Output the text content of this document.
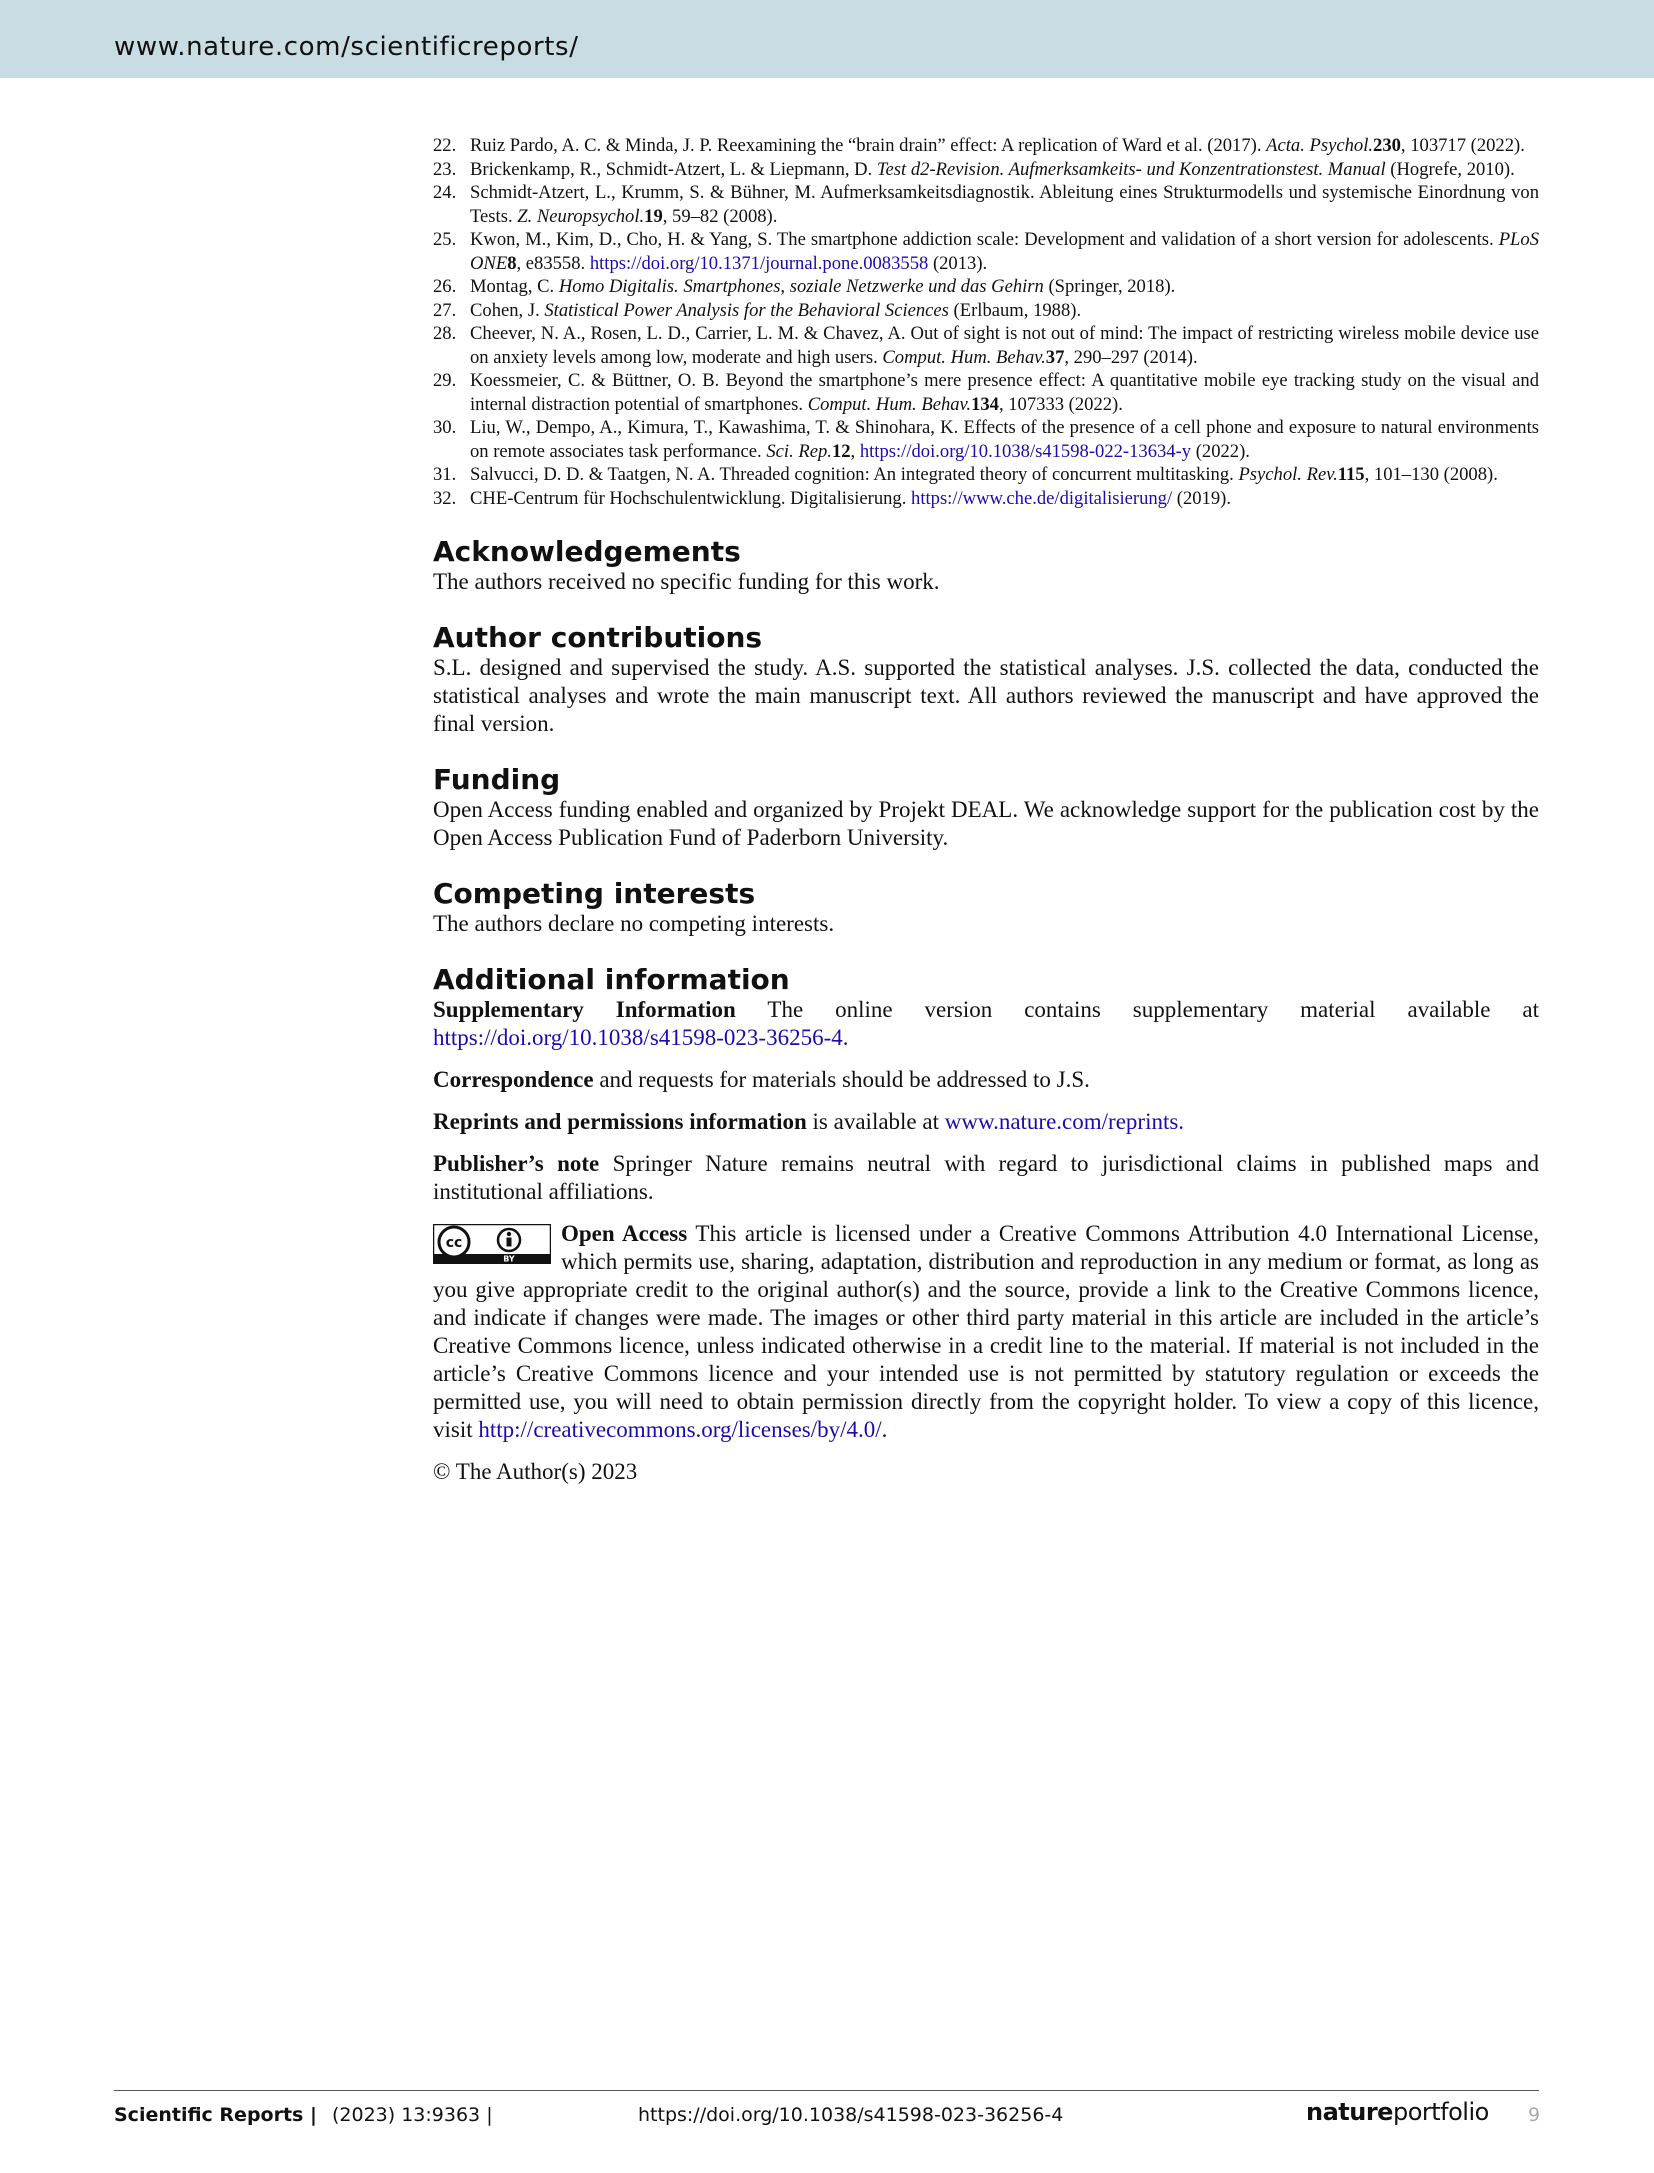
www.nature.com/scientificreports/
22. Ruiz Pardo, A. C. & Minda, J. P. Reexamining the “brain drain” effect: A replication of Ward et al. (2017). Acta. Psychol.230, 103717 (2022).
23. Brickenkamp, R., Schmidt-Atzert, L. & Liepmann, D. Test d2-Revision. Aufmerksamkeits- und Konzentrationstest. Manual (Hogrefe, 2010).
24. Schmidt-Atzert, L., Krumm, S. & Bühner, M. Aufmerksamkeitsdiagnostik. Ableitung eines Strukturmodells und systemische Einordnung von Tests. Z. Neuropsychol.19, 59–82 (2008).
25. Kwon, M., Kim, D., Cho, H. & Yang, S. The smartphone addiction scale: Development and validation of a short version for adolescents. PLoS ONE8, e83558. https://doi.org/10.1371/journal.pone.0083558 (2013).
26. Montag, C. Homo Digitalis. Smartphones, soziale Netzwerke und das Gehirn (Springer, 2018).
27. Cohen, J. Statistical Power Analysis for the Behavioral Sciences (Erlbaum, 1988).
28. Cheever, N. A., Rosen, L. D., Carrier, L. M. & Chavez, A. Out of sight is not out of mind: The impact of restricting wireless mobile device use on anxiety levels among low, moderate and high users. Comput. Hum. Behav.37, 290–297 (2014).
29. Koessmeier, C. & Büttner, O. B. Beyond the smartphone’s mere presence effect: A quantitative mobile eye tracking study on the visual and internal distraction potential of smartphones. Comput. Hum. Behav.134, 107333 (2022).
30. Liu, W., Dempo, A., Kimura, T., Kawashima, T. & Shinohara, K. Effects of the presence of a cell phone and exposure to natural environments on remote associates task performance. Sci. Rep.12, https://doi.org/10.1038/s41598-022-13634-y (2022).
31. Salvucci, D. D. & Taatgen, N. A. Threaded cognition: An integrated theory of concurrent multitasking. Psychol. Rev.115, 101–130 (2008).
32. CHE-Centrum für Hochschulentwicklung. Digitalisierung. https://www.che.de/digitalisierung/ (2019).
Acknowledgements

The authors received no specific funding for this work.

Author contributions

S.L. designed and supervised the study. A.S. supported the statistical analyses. J.S. collected the data, conducted the statistical analyses and wrote the main manuscript text. All authors reviewed the manuscript and have approved the final version.

Funding

Open Access funding enabled and organized by Projekt DEAL. We acknowledge support for the publication cost by the Open Access Publication Fund of Paderborn University.

Competing interests

The authors declare no competing interests.

Additional information

Supplementary Information The online version contains supplementary material available at https://doi.org/10.1038/s41598-023-36256-4.

Correspondence and requests for materials should be addressed to J.S.

Reprints and permissions information is available at www.nature.com/reprints.

Publisher’s note Springer Nature remains neutral with regard to jurisdictional claims in published maps and institutional affiliations.

cc
BY
Open Access This article is licensed under a Creative Commons Attribution 4.0 International License, which permits use, sharing, adaptation, distribution and reproduction in any medium or format, as long as you give appropriate credit to the original author(s) and the source, provide a link to the Creative Commons licence, and indicate if changes were made. The images or other third party material in this article are included in the article’s Creative Commons licence, unless indicated otherwise in a credit line to the material. If material is not included in the article’s Creative Commons licence and your intended use is not permitted by statutory regulation or exceeds the permitted use, you will need to obtain permission directly from the copyright holder. To view a copy of this licence, visit http://creativecommons.org/licenses/by/4.0/.

© The Author(s) 2023

Scientific Reports | (2023) 13:9363 |	https://doi.org/10.1038/s41598-023-36256-4	natureportfolio 9
